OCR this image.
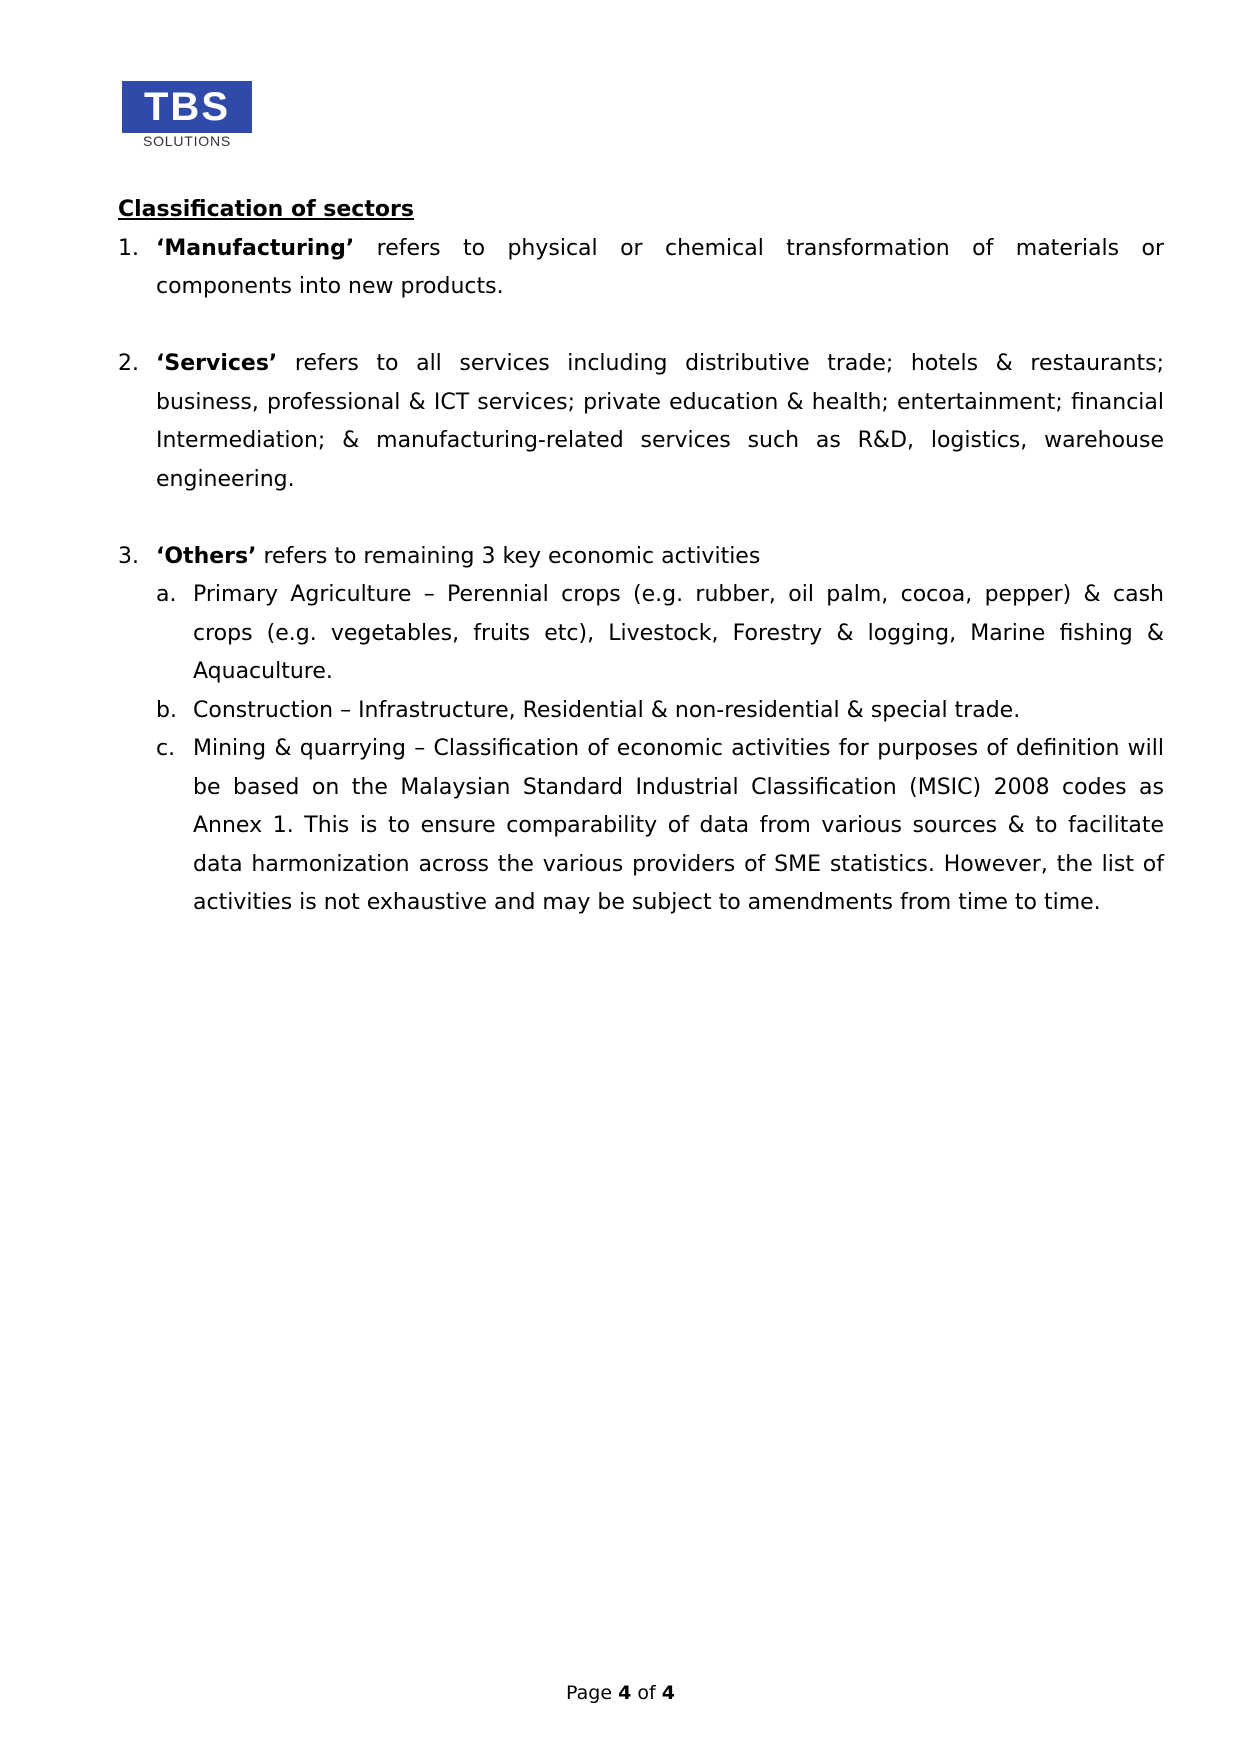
TBS
SOLUTIONS
Classification of sectors
1. ‘Manufacturing’ refers to physical or chemical transformation of materials or components into new products.
2. ‘Services’ refers to all services including distributive trade; hotels & restaurants; business, professional & ICT services; private education & health; entertainment; financial Intermediation; & manufacturing-related services such as R&D, logistics, warehouse engineering.
3. ‘Others’ refers to remaining 3 key economic activities
a. Primary Agriculture – Perennial crops (e.g. rubber, oil palm, cocoa, pepper) & cash crops (e.g. vegetables, fruits etc), Livestock, Forestry & logging, Marine fishing & Aquaculture.
b. Construction – Infrastructure, Residential & non-residential & special trade.
c. Mining & quarrying – Classification of economic activities for purposes of definition will be based on the Malaysian Standard Industrial Classification (MSIC) 2008 codes as Annex 1. This is to ensure comparability of data from various sources & to facilitate data harmonization across the various providers of SME statistics. However, the list of activities is not exhaustive and may be subject to amendments from time to time.
Page 4 of 4
